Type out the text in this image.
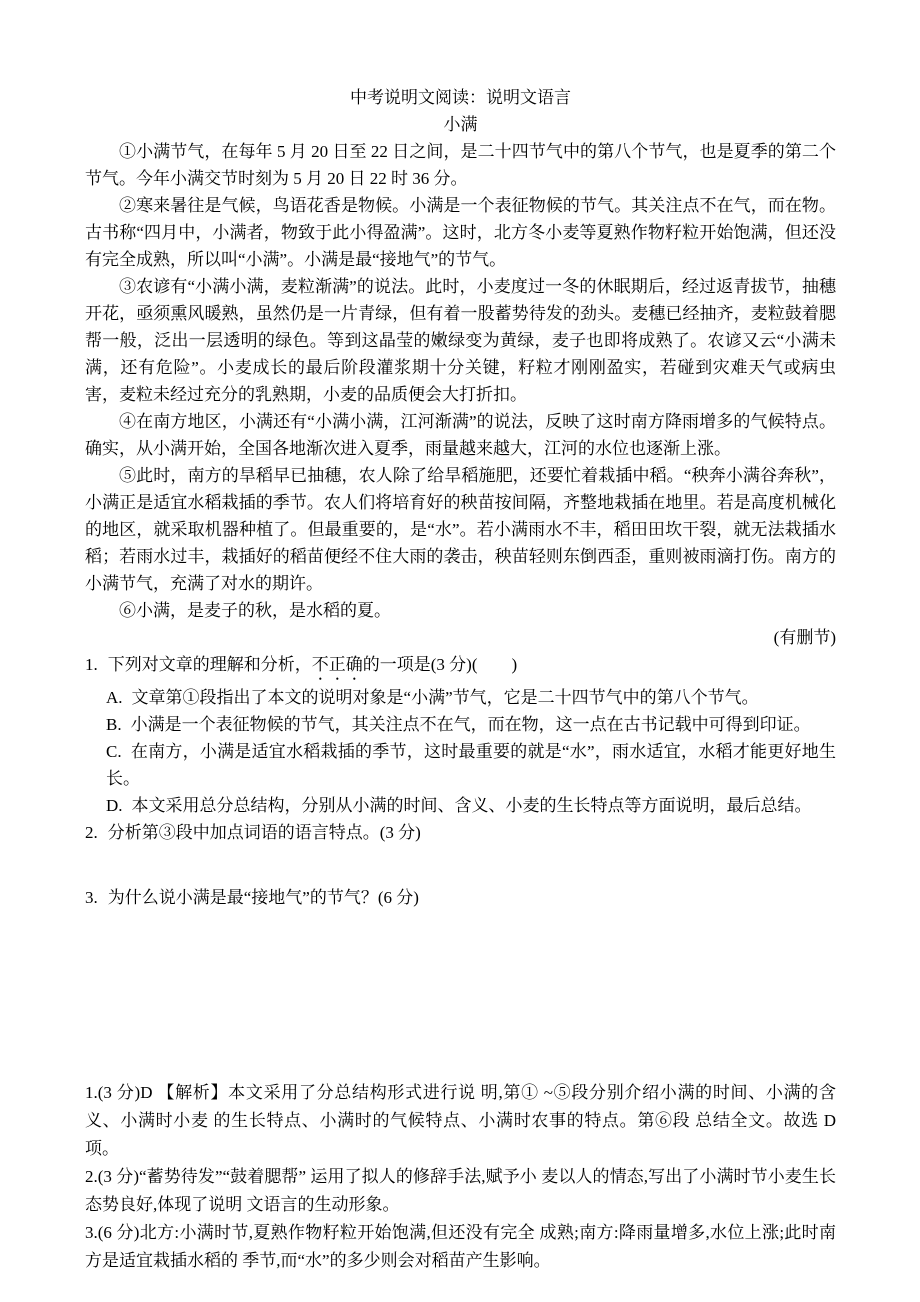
中考说明文阅读：说明文语言
小满

①小满节气，在每年 5 月 20 日至 22 日之间，是二十四节气中的第八个节气，也是夏季的第二个节气。今年小满交节时刻为 5 月 20 日 22 时 36 分。

②寒来暑往是气候，鸟语花香是物候。小满是一个表征物候的节气。其关注点不在气，而在物。古书称“四月中，小满者，物致于此小得盈满”。这时，北方冬小麦等夏熟作物籽粒开始饱满，但还没有完全成熟，所以叫“小满”。小满是最“接地气”的节气。

③农谚有“小满小满，麦粒渐满”的说法。此时，小麦度过一冬的休眠期后，经过返青拔节，抽穗开花，亟须熏风暖熟，虽然仍是一片青绿，但有着一股蓄势待发的劲头。麦穗已经抽齐，麦粒鼓着腮帮一般，泛出一层透明的绿色。等到这晶莹的嫩绿变为黄绿，麦子也即将成熟了。农谚又云“小满未满，还有危险”。小麦成长的最后阶段灌浆期十分关键，籽粒才刚刚盈实，若碰到灾难天气或病虫害，麦粒未经过充分的乳熟期，小麦的品质便会大打折扣。

④在南方地区，小满还有“小满小满，江河渐满”的说法，反映了这时南方降雨增多的气候特点。确实，从小满开始，全国各地渐次进入夏季，雨量越来越大，江河的水位也逐渐上涨。

⑤此时，南方的旱稻早已抽穗，农人除了给旱稻施肥，还要忙着栽插中稻。“秧奔小满谷奔秋”，小满正是适宜水稻栽插的季节。农人们将培育好的秧苗按间隔，齐整地栽插在地里。若是高度机械化的地区，就采取机器种植了。但最重要的，是“水”。若小满雨水不丰，稻田田坎干裂，就无法栽插水稻；若雨水过丰，栽插好的稻苗便经不住大雨的袭击，秧苗轻则东倒西歪，重则被雨滴打伤。南方的小满节气，充满了对水的期许。

⑥小满，是麦子的秋，是水稻的夏。

(有删节)

1. 下列对文章的理解和分析，不正确的一项是(3 分)(　　)

A. 文章第①段指出了本文的说明对象是“小满”节气，它是二十四节气中的第八个节气。

B. 小满是一个表征物候的节气，其关注点不在气，而在物，这一点在古书记载中可得到印证。

C. 在南方，小满是适宜水稻栽插的季节，这时最重要的就是“水”，雨水适宜，水稻才能更好地生长。

D. 本文采用总分总结构，分别从小满的时间、含义、小麦的生长特点等方面说明，最后总结。

2. 分析第③段中加点词语的语言特点。(3 分)

3. 为什么说小满是最“接地气”的节气？(6 分)

1.(3 分)D 【解析】本文采用了分总结构形式进行说 明,第① ~⑤段分别介绍小满的时间、小满的含义、小满时小麦 的生长特点、小满时的气候特点、小满时农事的特点。第⑥段 总结全文。故选 D 项。

2.(3 分)“蓄势待发”“鼓着腮帮” 运用了拟人的修辞手法,赋予小 麦以人的情态,写出了小满时节小麦生长态势良好,体现了说明 文语言的生动形象。

3.(6 分)北方:小满时节,夏熟作物籽粒开始饱满,但还没有完全 成熟;南方:降雨量增多,水位上涨;此时南方是适宜栽插水稻的 季节,而“水”的多少则会对稻苗产生影响。
